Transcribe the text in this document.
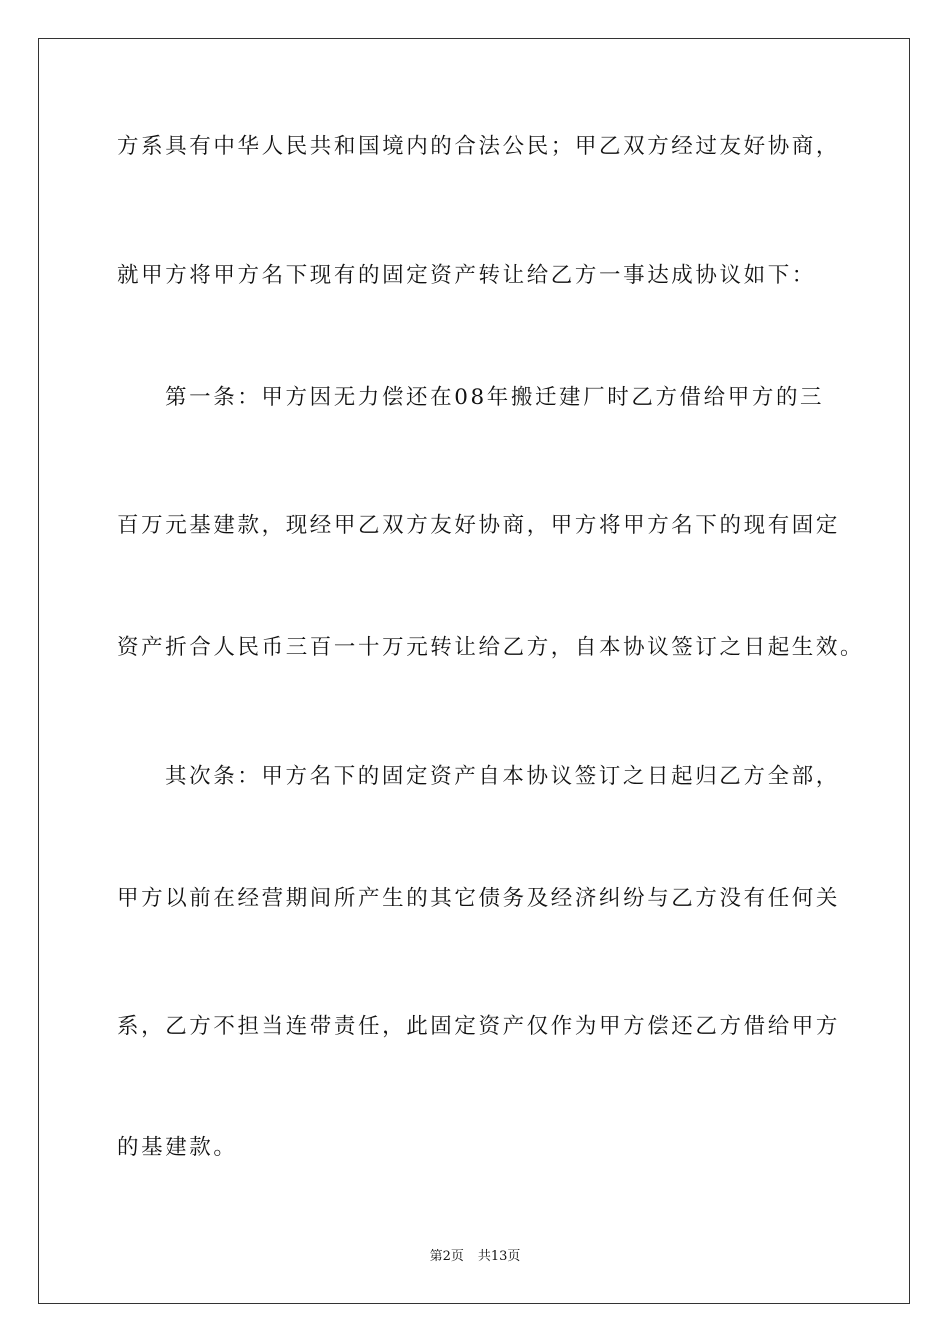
方系具有中华人民共和国境内的合法公民；甲乙双方经过友好协商，
就甲方将甲方名下现有的固定资产转让给乙方一事达成协议如下：
第一条：甲方因无力偿还在08年搬迁建厂时乙方借给甲方的三
百万元基建款，现经甲乙双方友好协商，甲方将甲方名下的现有固定
资产折合人民币三百一十万元转让给乙方，自本协议签订之日起生效。
其次条：甲方名下的固定资产自本协议签订之日起归乙方全部，
甲方以前在经营期间所产生的其它债务及经济纠纷与乙方没有任何关
系，乙方不担当连带责任，此固定资产仅作为甲方偿还乙方借给甲方
的基建款。
第2页 共13页
